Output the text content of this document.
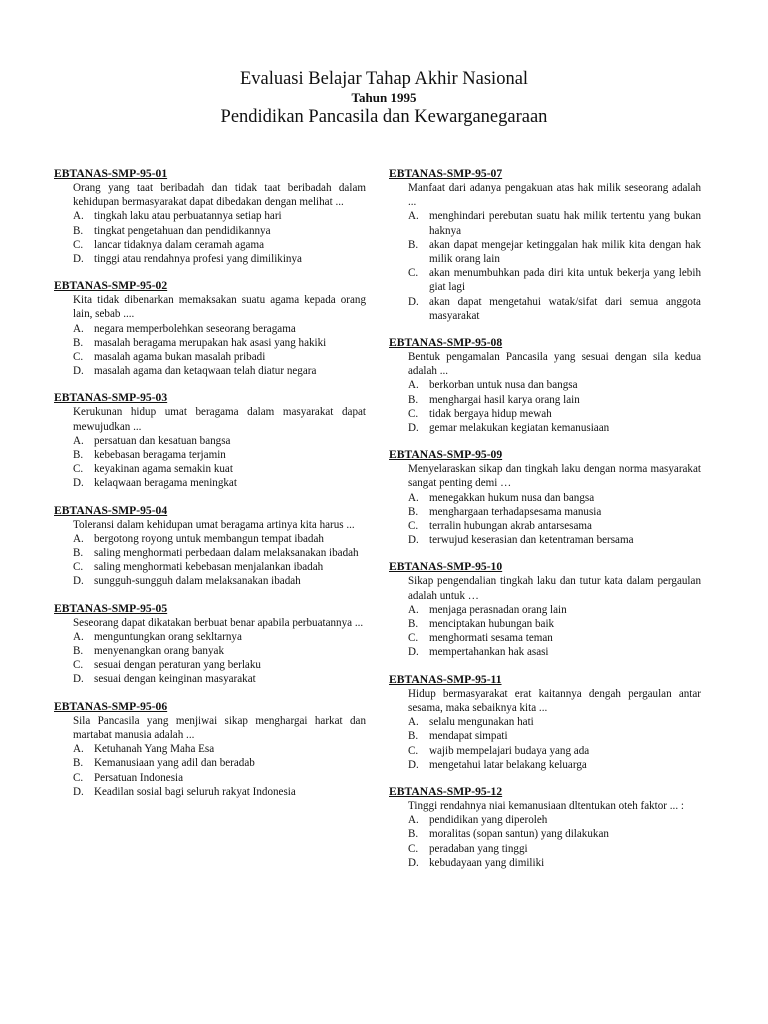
Evaluasi Belajar Tahap Akhir Nasional
Tahun 1995
Pendidikan Pancasila dan Kewarganegaraan
EBTANAS-SMP-95-01
Orang yang taat beribadah dan tidak taat beribadah dalam kehidupan bermasyarakat dapat dibedakan dengan melihat ...
A. tingkah laku atau perbuatannya setiap hari
B. tingkat pengetahuan dan pendidikannya
C. lancar tidaknya dalam ceramah agama
D. tinggi atau rendahnya profesi yang dimilikinya
EBTANAS-SMP-95-02
Kita tidak dibenarkan memaksakan suatu agama kepada orang lain, sebab ....
A. negara memperbolehkan seseorang beragama
B. masalah beragama merupakan hak asasi yang hakiki
C. masalah agama bukan masalah pribadi
D. masalah agama dan ketaqwaan telah diatur negara
EBTANAS-SMP-95-03
Kerukunan hidup umat beragama dalam masyarakat dapat mewujudkan ...
A. persatuan dan kesatuan bangsa
B. kebebasan beragama terjamin
C. keyakinan agama semakin kuat
D. kelaqwaan beragama meningkat
EBTANAS-SMP-95-04
Toleransi dalam kehidupan umat beragama artinya kita harus ...
A. bergotong royong untuk membangun tempat ibadah
B. saling menghormati perbedaan dalam melaksanakan ibadah
C. saling menghormati kebebasan menjalankan ibadah
D. sungguh-sungguh dalam melaksanakan ibadah
EBTANAS-SMP-95-05
Seseorang dapat dikatakan berbuat benar apabila perbuatannya ...
A. menguntungkan orang sekltarnya
B. menyenangkan orang banyak
C. sesuai dengan peraturan yang berlaku
D. sesuai dengan keinginan masyarakat
EBTANAS-SMP-95-06
Sila Pancasila yang menjiwai sikap menghargai harkat dan martabat manusia adalah ...
A. Ketuhanah Yang Maha Esa
B. Kemanusiaan yang adil dan beradab
C. Persatuan Indonesia
D. Keadilan sosial bagi seluruh rakyat Indonesia
EBTANAS-SMP-95-07
Manfaat dari adanya pengakuan atas hak milik seseorang adalah ...
A. menghindari perebutan suatu hak milik tertentu yang bukan haknya
B. akan dapat mengejar ketinggalan hak milik kita dengan hak milik orang lain
C. akan menumbuhkan pada diri kita untuk bekerja yang lebih giat lagi
D. akan dapat mengetahui watak/sifat dari semua anggota masyarakat
EBTANAS-SMP-95-08
Bentuk pengamalan Pancasila yang sesuai dengan sila kedua adalah ...
A. berkorban untuk nusa dan bangsa
B. menghargai hasil karya orang lain
C. tidak bergaya hidup mewah
D. gemar melakukan kegiatan kemanusiaan
EBTANAS-SMP-95-09
Menyelaraskan sikap dan tingkah laku dengan norma masyarakat sangat penting demi …
A. menegakkan hukum nusa dan bangsa
B. menghargaan terhadapsesama manusia
C. terralin hubungan akrab antarsesama
D. terwujud keserasian dan ketentraman bersama
EBTANAS-SMP-95-10
Sikap pengendalian tingkah laku dan tutur kata dalam pergaulan adalah untuk …
A. menjaga perasnadan orang lain
B. menciptakan hubungan baik
C. menghormati sesama teman
D. mempertahankan hak asasi
EBTANAS-SMP-95-11
Hidup bermasyarakat erat kaitannya dengah pergaulan antar sesama, maka sebaiknya kita ...
A. selalu mengunakan hati
B. mendapat simpati
C. wajib mempelajari budaya yang ada
D. mengetahui latar belakang keluarga
EBTANAS-SMP-95-12
Tinggi rendahnya niai kemanusiaan dltentukan oteh faktor ... :
A. pendidikan yang diperoleh
B. moralitas (sopan santun) yang dilakukan
C. peradaban yang tinggi
D. kebudayaan yang dimiliki
